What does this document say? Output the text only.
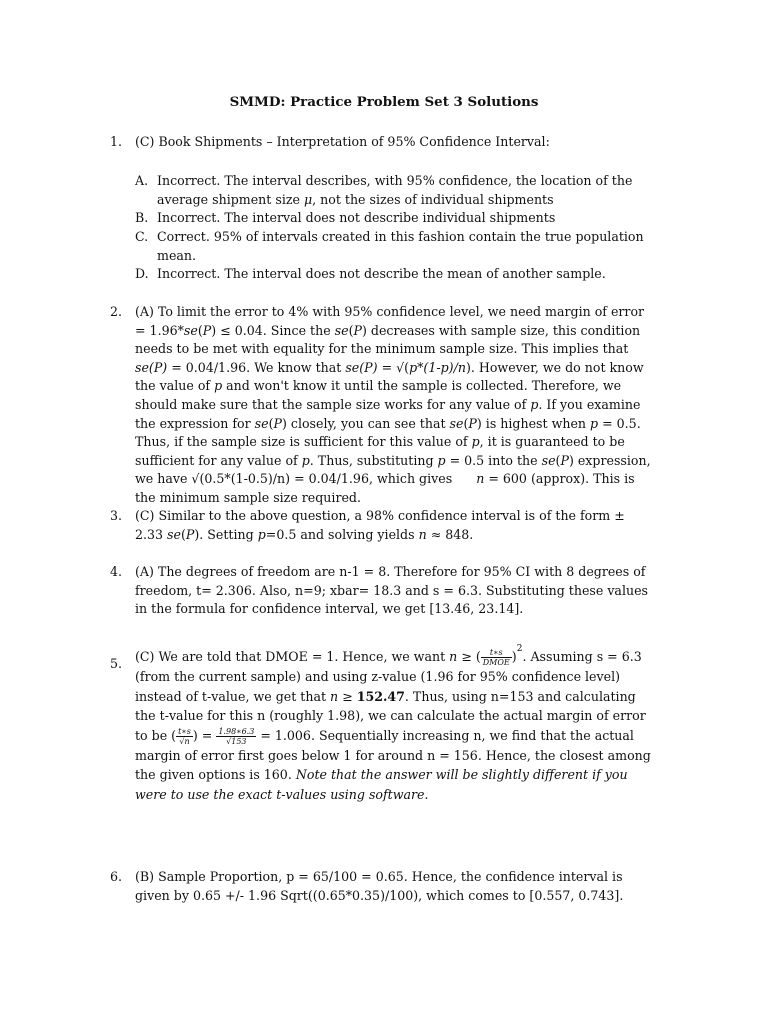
SMMD: Practice Problem Set 3 Solutions
1.	(C) Book Shipments – Interpretation of 95% Confidence Interval:
A. Incorrect. The interval describes, with 95% confidence, the location of the average shipment size μ, not the sizes of individual shipments
B. Incorrect. The interval does not describe individual shipments
C. Correct. 95% of intervals created in this fashion contain the true population mean.
D. Incorrect. The interval does not describe the mean of another sample.
2.	(A) To limit the error to 4% with 95% confidence level, we need margin of error = 1.96*se(P) ≤ 0.04. Since the se(P) decreases with sample size, this condition needs to be met with equality for the minimum sample size. This implies that se(P) = 0.04/1.96. We know that se(P) = √(p*(1-p)/n). However, we do not know the value of p and won't know it until the sample is collected. Therefore, we should make sure that the sample size works for any value of p. If you examine the expression for se(P) closely, you can see that se(P) is highest when p = 0.5. Thus, if the sample size is sufficient for this value of p, it is guaranteed to be sufficient for any value of p. Thus, substituting p = 0.5 into the se(P) expression, we have √(0.5*(1-0.5)/n) = 0.04/1.96, which gives n = 600 (approx). This is the minimum sample size required.
3.	(C) Similar to the above question, a 98% confidence interval is of the form ± 2.33 se(P). Setting p=0.5 and solving yields n ≈ 848.
4.	(A) The degrees of freedom are n-1 = 8. Therefore for 95% CI with 8 degrees of freedom, t= 2.306. Also, n=9; xbar= 18.3 and s = 6.3. Substituting these values in the formula for confidence interval, we get [13.46, 23.14].
5.	(C) We are told that DMOE = 1. Hence, we want n ≥ ( $\frac{t∗s}{\text{DMOE}} )^2$. Assuming s = 6.3 (from the current sample) and using z-value (1.96 for 95% confidence level) instead of t-value, we get that n ≥ 152.47. Thus, using n=153 and calculating the t-value for this n (roughly 1.98), we can calculate the actual margin of error to be ( $\frac{t∗s}{√n}$ ) = $\frac{1.98∗6.3}{√153} = 1.006$. Sequentially increasing n, we find that the actual margin of error first goes below 1 for around n = 156. Hence, the closest among the given options is 160. Note that the answer will be slightly different if you were to use the exact t-values using software.
6.	(B) Sample Proportion, p = 65/100 = 0.65. Hence, the confidence interval is given by 0.65 +/- 1.96 Sqrt((0.65*0.35)/100), which comes to [0.557, 0.743].
